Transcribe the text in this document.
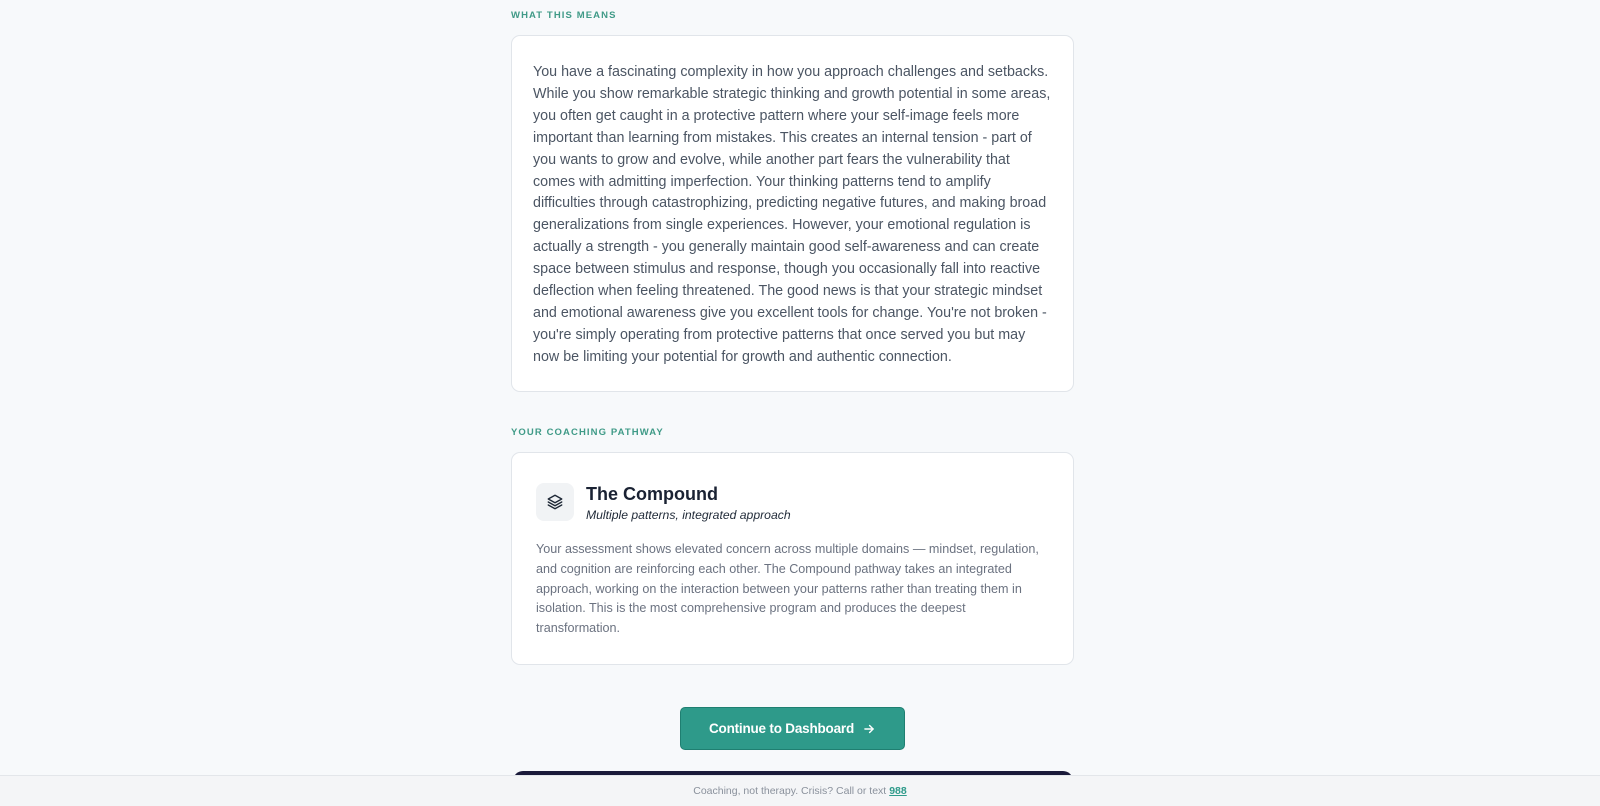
WHAT THIS MEANS

You have a fascinating complexity in how you approach challenges and setbacks. While you show remarkable strategic thinking and growth potential in some areas, you often get caught in a protective pattern where your self-image feels more important than learning from mistakes. This creates an internal tension - part of you wants to grow and evolve, while another part fears the vulnerability that comes with admitting imperfection. Your thinking patterns tend to amplify difficulties through catastrophizing, predicting negative futures, and making broad generalizations from single experiences. However, your emotional regulation is actually a strength - you generally maintain good self-awareness and can create space between stimulus and response, though you occasionally fall into reactive deflection when feeling threatened. The good news is that your strategic mindset and emotional awareness give you excellent tools for change. You're not broken - you're simply operating from protective patterns that once served you but may now be limiting your potential for growth and authentic connection.

YOUR COACHING PATHWAY
The Compound
Multiple patterns, integrated approach

Your assessment shows elevated concern across multiple domains — mindset, regulation, and cognition are reinforcing each other. The Compound pathway takes an integrated approach, working on the interaction between your patterns rather than treating them in isolation. This is the most comprehensive program and produces the deepest transformation.

Continue to Dashboard
Coaching, not therapy. Crisis? Call or text 988
